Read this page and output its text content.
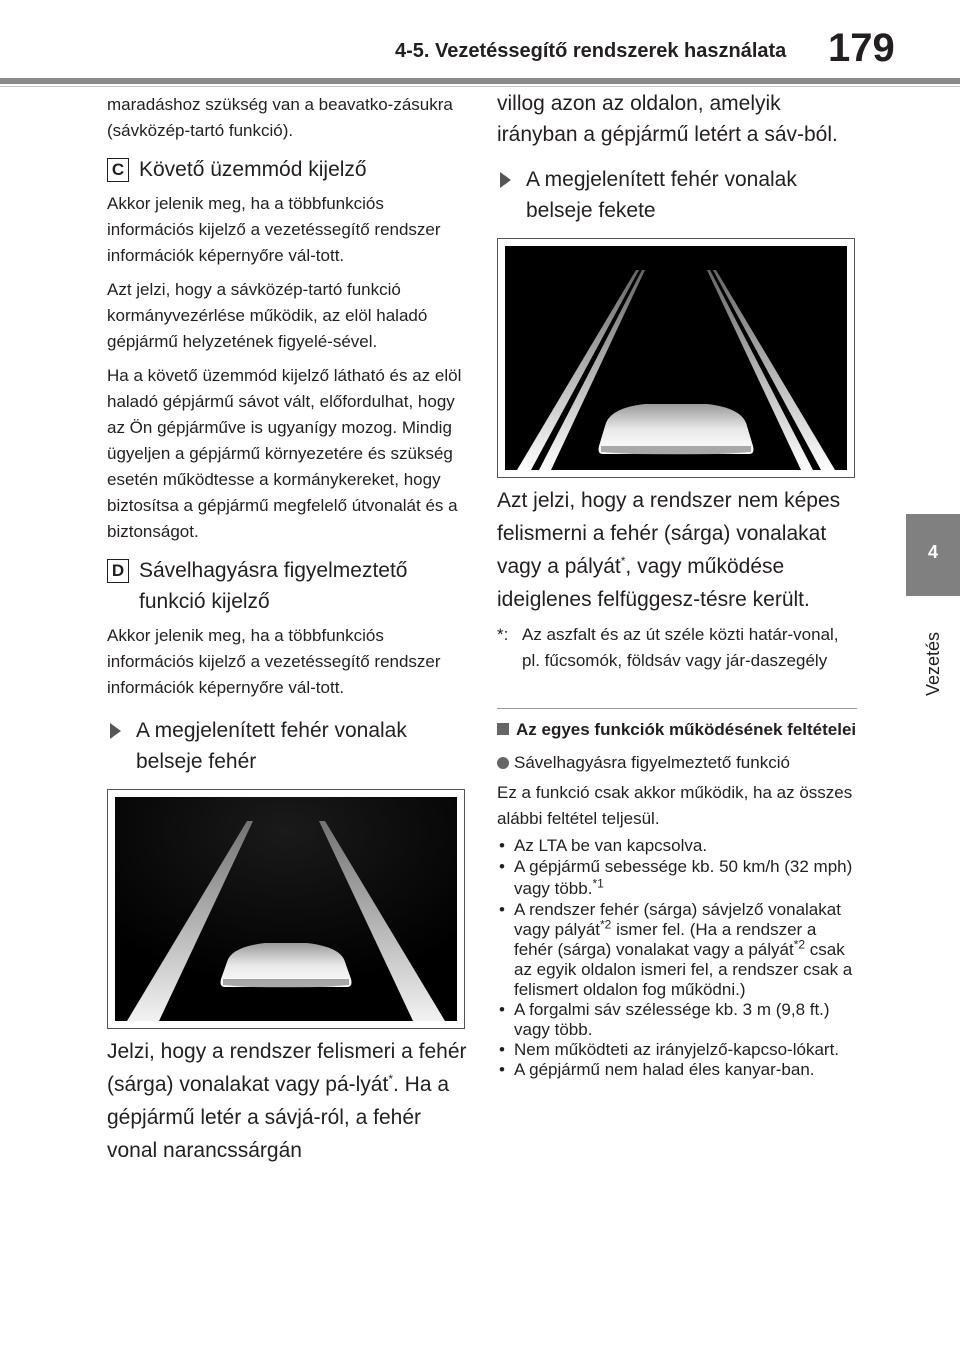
4-5. Vezetéssegítő rendszerek használata 179
4
Vezetés

maradáshoz szükség van a beavatko-zásukra (sávközép-tartó funkció).

C Követő üzemmód kijelző

Akkor jelenik meg, ha a többfunkciós információs kijelző a vezetéssegítő rendszer információk képernyőre vál-tott.

Azt jelzi, hogy a sávközép-tartó funkció kormányvezérlése működik, az elöl haladó gépjármű helyzetének figyelé-sével.

Ha a követő üzemmód kijelző látható és az elöl haladó gépjármű sávot vált, előfordulhat, hogy az Ön gépjárműve is ugyanígy mozog. Mindig ügyeljen a gépjármű környezetére és szükség esetén működtesse a kormánykereket, hogy biztosítsa a gépjármű megfelelő útvonalát és a biztonságot.

D Sávelhagyásra figyelmeztető funkció kijelző

Akkor jelenik meg, ha a többfunkciós információs kijelző a vezetéssegítő rendszer információk képernyőre vál-tott.

A megjelenített fehér vonalak belseje fehér

Jelzi, hogy a rendszer felismeri a fehér (sárga) vonalakat vagy pá-lyát*. Ha a gépjármű letér a sávjá-ról, a fehér vonal narancssárgán

villog azon az oldalon, amelyik irányban a gépjármű letért a sáv-ból.

A megjelenített fehér vonalak belseje fekete

Azt jelzi, hogy a rendszer nem képes felismerni a fehér (sárga) vonalakat vagy a pályát*, vagy működése ideiglenes felfüggesz-tésre került.

*: Az aszfalt és az út széle közti határ-vonal, pl. fűcsomók, földsáv vagy jár-daszegély
Az egyes funkciók működésének feltételei
Sávelhagyásra figyelmeztető funkció

Ez a funkció csak akkor működik, ha az összes alábbi feltétel teljesül.

• Az LTA be van kapcsolva.
• A gépjármű sebessége kb. 50 km/h (32 mph) vagy több.$^{*1}$
• A rendszer fehér (sárga) sávjelző vonalakat vagy pályát$^{*2}$ ismer fel. (Ha a rendszer a fehér (sárga) vonalakat vagy a pályát$^{*2}$ csak az egyik oldalon ismeri fel, a rendszer csak a felismert oldalon fog működni.)
• A forgalmi sáv szélessége kb. 3 m (9,8 ft.) vagy több.
• Nem működteti az irányjelző-kapcso-lókart.
• A gépjármű nem halad éles kanyar-ban.
